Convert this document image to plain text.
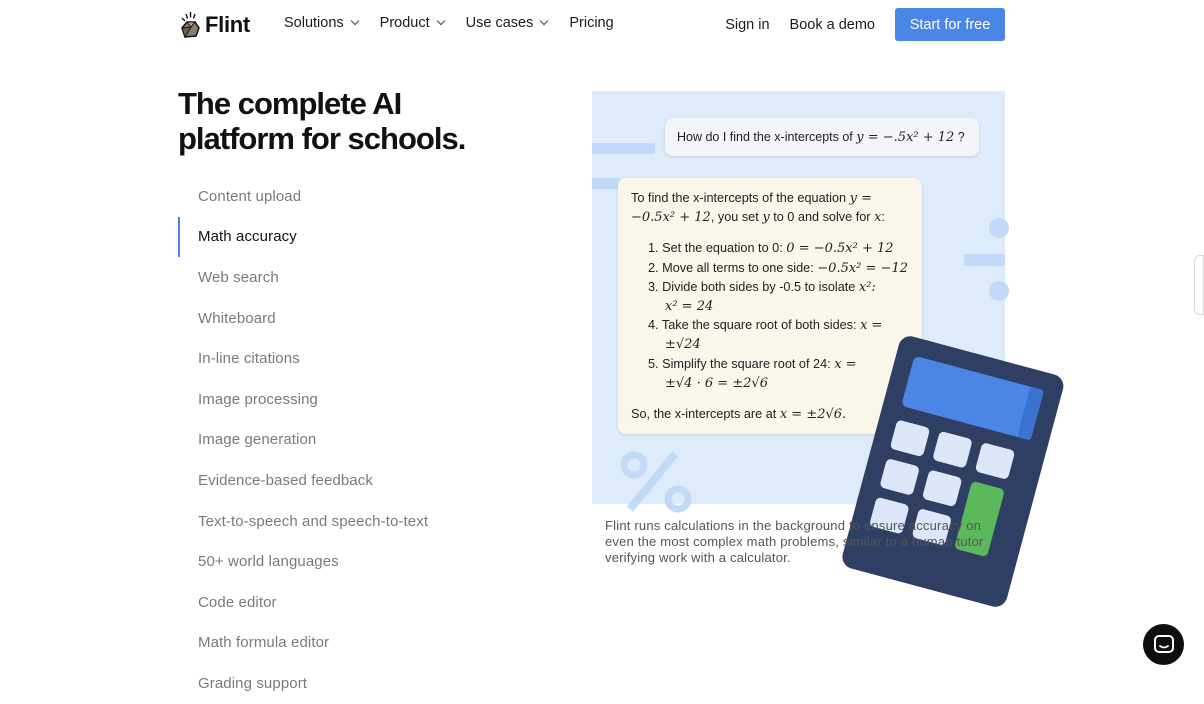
Flint Solutions Product Use cases Pricing	Sign in Book a demo	Start for free
The complete AI platform for schools.
Content upload
Math accuracy
Web search
Whiteboard
In-line citations
Image processing
Image generation
Evidence-based feedback
Text-to-speech and speech-to-text
50+ world languages
Code editor
Math formula editor
Grading support
How do I find the x-intercepts of
y = −.5x² + 12
?
To find the x-intercepts of the equation y =
−0.5x² + 12, you set y to 0 and solve for x:
1. Set the equation to 0: 0 = −0.5x² + 12
2. Move all terms to one side: −0.5x² = −12
3. Divide both sides by -0.5 to isolate x²:
x² = 24
4. Take the square root of both sides: x =
±√24
5. Simplify the square root of 24: x =
±√4 · 6 = ±2√6
So, the x-intercepts are at x = ±2√6.

Flint runs calculations in the background to ensure accuracy on even the most complex math problems, similar to a human tutor verifying work with a calculator.
